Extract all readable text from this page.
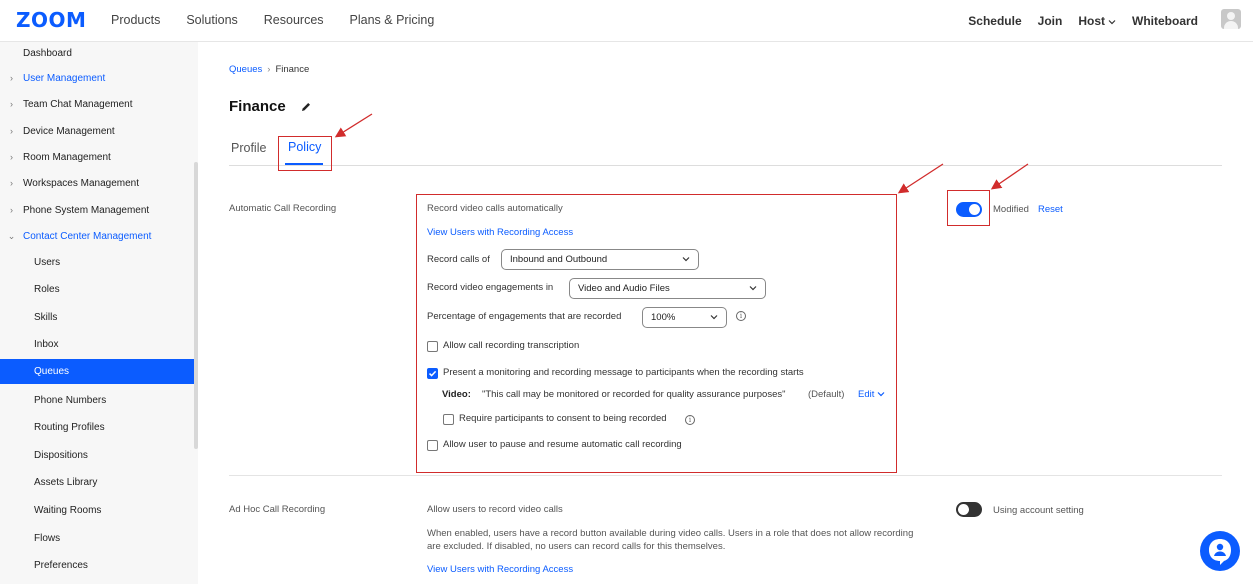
ZOOM Products Solutions Resources Plans & Pricing	Schedule Join Host	Whiteboard
Dashboard
›	User Management
›	Team Chat Management
›	Device Management
›	Room Management
›	Workspaces Management
›	Phone System Management
⌄ Contact Center Management
Users
Roles
Skills
Inbox
Queues
Phone Numbers
Routing Profiles
Dispositions
Assets Library
Waiting Rooms
Flows
Preferences
Queues › Finance
Finance
Profile Policy
Automatic Call Recording	Record video calls automatically
View Users with Recording Access
Record calls of Inbound and Outbound
Record video engagements in	Video and Audio Files
Percentage of engagements that are recorded	100%	i
Allow call recording transcription
Present a monitoring and recording message to participants when the recording starts
Video: "This call may be monitored or recorded for quality assurance purposes" (Default) Edit
Require participants to consent to being recorded	i
Allow user to pause and resume automatic call recording
Modified Reset
Ad Hoc Call Recording	Allow users to record video calls
When enabled, users have a record button available during video calls. Users in a role that does not allow recording
are excluded. If disabled, no users can record calls for this themselves.
View Users with Recording Access
Using account setting
